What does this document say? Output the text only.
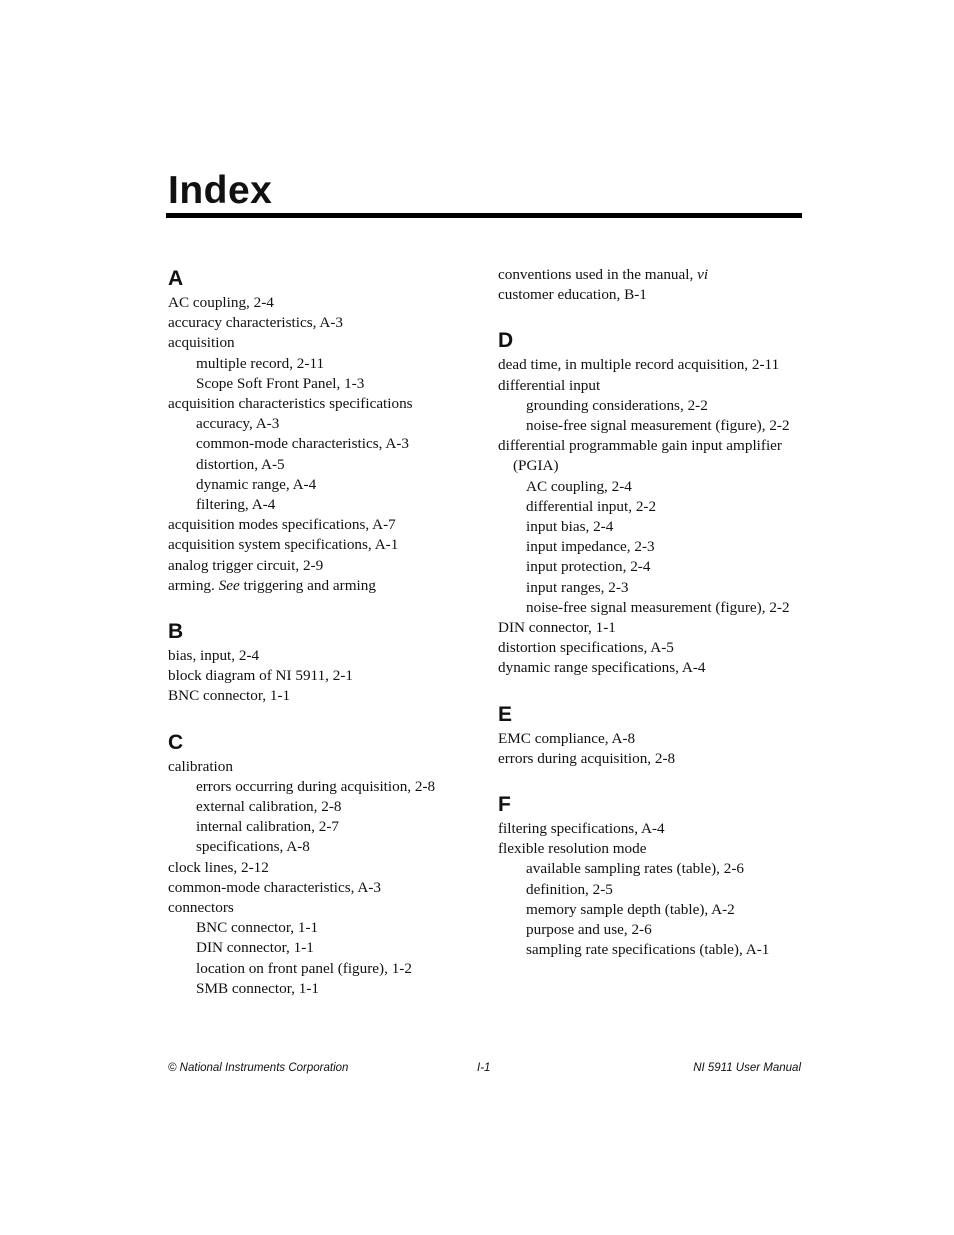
Index
A
AC coupling, 2-4
accuracy characteristics, A-3
acquisition
multiple record, 2-11
Scope Soft Front Panel, 1-3
acquisition characteristics specifications
accuracy, A-3
common-mode characteristics, A-3
distortion, A-5
dynamic range, A-4
filtering, A-4
acquisition modes specifications, A-7
acquisition system specifications, A-1
analog trigger circuit, 2-9
arming. See triggering and arming
B
bias, input, 2-4
block diagram of NI 5911, 2-1
BNC connector, 1-1
C
calibration
errors occurring during acquisition, 2-8
external calibration, 2-8
internal calibration, 2-7
specifications, A-8
clock lines, 2-12
common-mode characteristics, A-3
connectors
BNC connector, 1-1
DIN connector, 1-1
location on front panel (figure), 1-2
SMB connector, 1-1
conventions used in the manual, vi
customer education, B-1
D
dead time, in multiple record acquisition, 2-11
differential input
grounding considerations, 2-2
noise-free signal measurement (figure), 2-2
differential programmable gain input amplifier
(PGIA)
AC coupling, 2-4
differential input, 2-2
input bias, 2-4
input impedance, 2-3
input protection, 2-4
input ranges, 2-3
noise-free signal measurement (figure), 2-2
DIN connector, 1-1
distortion specifications, A-5
dynamic range specifications, A-4
E
EMC compliance, A-8
errors during acquisition, 2-8
F
filtering specifications, A-4
flexible resolution mode
available sampling rates (table), 2-6
definition, 2-5
memory sample depth (table), A-2
purpose and use, 2-6
sampling rate specifications (table), A-1
© National Instruments Corporation	I-1	NI 5911 User Manual
